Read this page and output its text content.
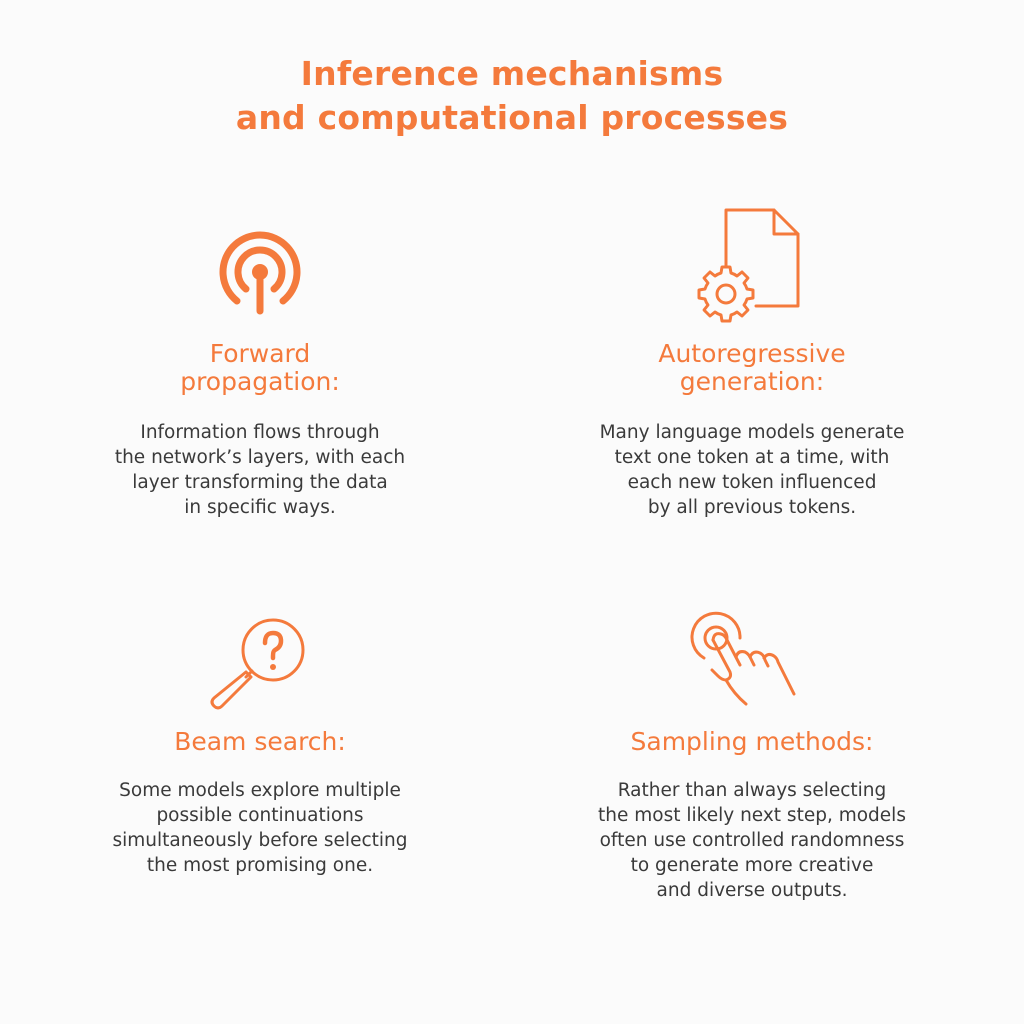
Inference mechanisms
and computational processes
Forward
propagation:
Information flows through
the network’s layers, with each
layer transforming the data
in specific ways.
Autoregressive
generation:
Many language models generate
text one token at a time, with
each new token influenced
by all previous tokens.
Beam search:
Some models explore multiple
possible continuations
simultaneously before selecting
the most promising one.
Sampling methods:
Rather than always selecting
the most likely next step, models
often use controlled randomness
to generate more creative
and diverse outputs.
